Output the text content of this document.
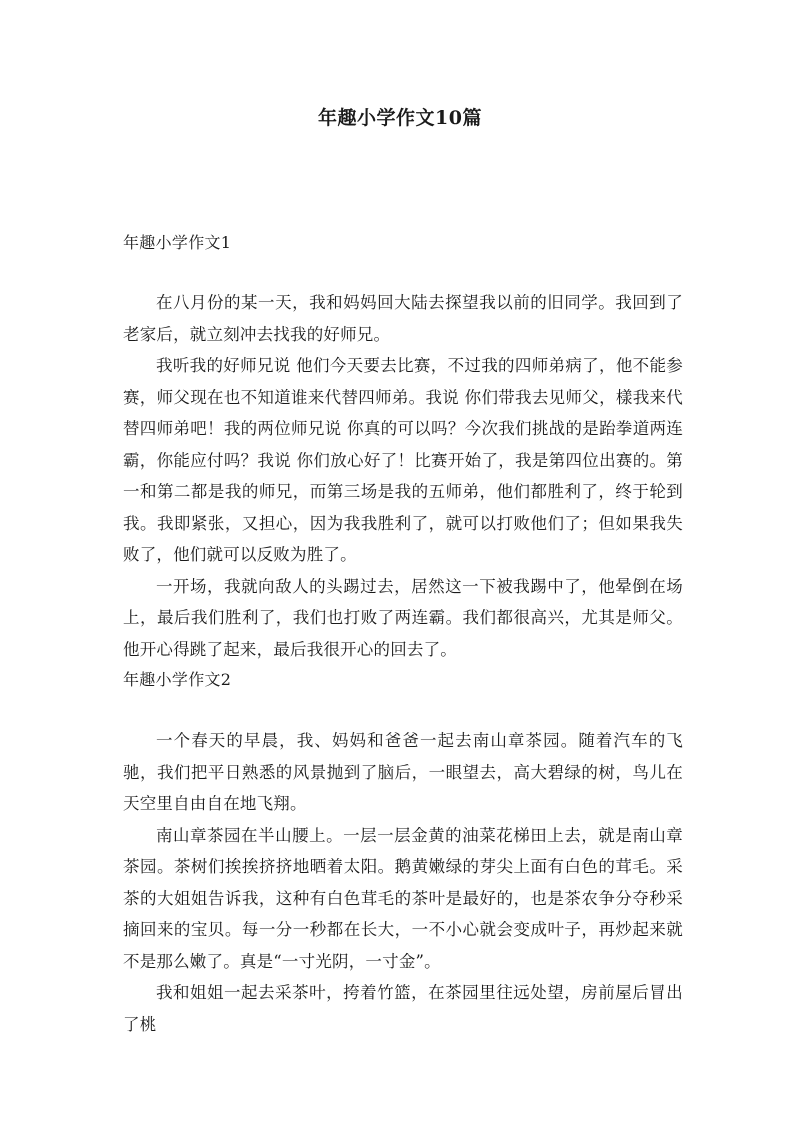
年趣小学作文10篇
年趣小学作文1

在八月份的某一天，我和妈妈回大陆去探望我以前的旧同学。我回到了老家后，就立刻冲去找我的好师兄。

我听我的好师兄说 他们今天要去比赛，不过我的四师弟病了，他不能参赛，师父现在也不知道谁来代替四师弟。我说 你们带我去见师父，樣我来代替四师弟吧！我的两位师兄说 你真的可以吗？今次我们挑战的是跆拳道两连霸，你能应付吗？我说 你们放心好了！比赛开始了，我是第四位出赛的。第一和第二都是我的师兄，而第三场是我的五师弟，他们都胜利了，终于轮到我。我即紧张，又担心，因为我我胜利了，就可以打败他们了；但如果我失败了，他们就可以反败为胜了。

一开场，我就向敌人的头踢过去，居然这一下被我踢中了，他晕倒在场上，最后我们胜利了，我们也打败了两连霸。我们都很高兴，尤其是师父。他开心得跳了起来，最后我很开心的回去了。

年趣小学作文2

一个春天的早晨，我、妈妈和爸爸一起去南山章茶园。随着汽车的飞驰，我们把平日熟悉的风景抛到了脑后，一眼望去，高大碧绿的树，鸟儿在天空里自由自在地飞翔。

南山章茶园在半山腰上。一层一层金黄的油菜花梯田上去，就是南山章茶园。茶树们挨挨挤挤地晒着太阳。鹅黄嫩绿的芽尖上面有白色的茸毛。采茶的大姐姐告诉我，这种有白色茸毛的茶叶是最好的，也是茶农争分夺秒采摘回来的宝贝。每一分一秒都在长大，一不小心就会变成叶子，再炒起来就不是那么嫩了。真是“一寸光阴，一寸金”。

我和姐姐一起去采茶叶，挎着竹篮，在茶园里往远处望，房前屋后冒出了桃
